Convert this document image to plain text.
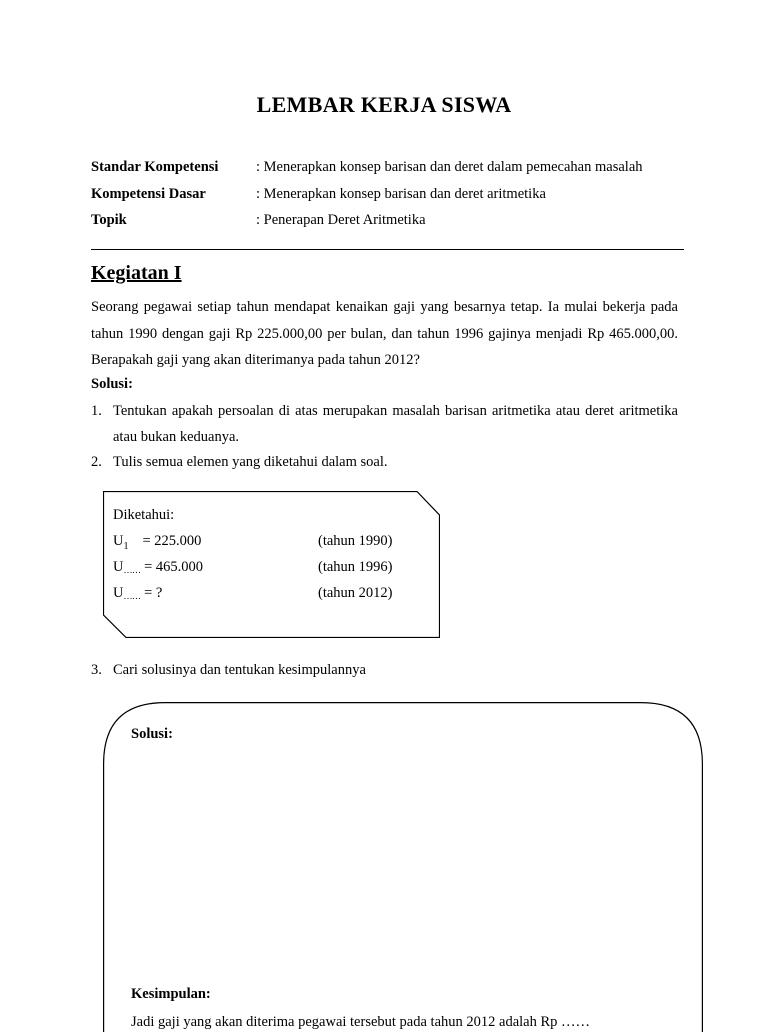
LEMBAR KERJA SISWA
Standar Kompetensi	: Menerapkan konsep barisan dan deret dalam pemecahan masalah
Kompetensi Dasar	: Menerapkan konsep barisan dan deret aritmetika
Topik	: Penerapan Deret Aritmetika
Kegiatan I
Seorang pegawai setiap tahun mendapat kenaikan gaji yang besarnya tetap. Ia mulai bekerja pada tahun 1990 dengan gaji Rp 225.000,00 per bulan, dan tahun 1996 gajinya menjadi Rp 465.000,00. Berapakah gaji yang akan diterimanya pada tahun 2012?
Solusi:
1. Tentukan apakah persoalan di atas merupakan masalah barisan aritmetika atau deret aritmetika atau bukan keduanya.
2. Tulis semua elemen yang diketahui dalam soal.
Diketahui:
$U_1 = 225.000$	(tahun 1990)
U…… = 465.000	(tahun 1996)
U…… = ?	(tahun 2012)
3. Cari solusinya dan tentukan kesimpulannya
Solusi:
Kesimpulan:
Jadi gaji yang akan diterima pegawai tersebut pada tahun 2012 adalah Rp ……
